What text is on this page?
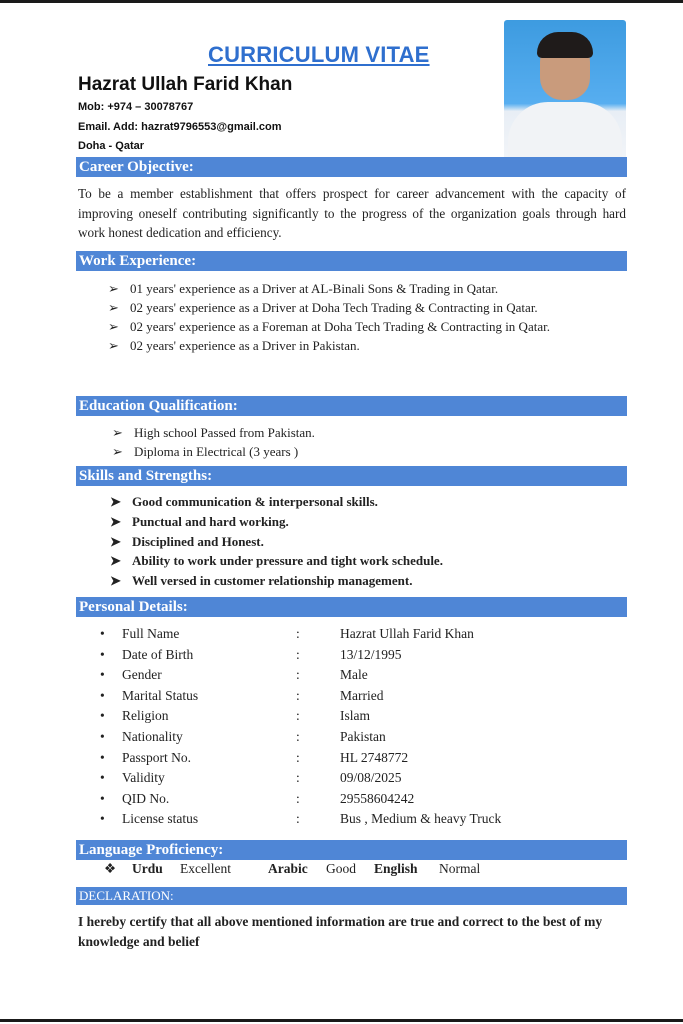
CURRICULUM VITAE
Hazrat Ullah Farid Khan
Mob: +974 – 30078767
Email. Add: hazrat9796553@gmail.com
Doha - Qatar
Career Objective:
To be a member establishment that offers prospect for career advancement with the capacity of improving oneself contributing significantly to the progress of the organization goals through hard work honest dedication and efficiency.
Work Experience:
➢ 01 years' experience as a Driver at AL-Binali Sons & Trading in Qatar.
➢ 02 years' experience as a Driver at Doha Tech Trading & Contracting in Qatar.
➢ 02 years' experience as a Foreman at Doha Tech Trading & Contracting in Qatar.
➢ 02 years' experience as a Driver in Pakistan.
Education Qualification:
➢ High school Passed from Pakistan.
➢ Diploma in Electrical (3 years )
Skills and Strengths:
➤ Good communication & interpersonal skills.
➤ Punctual and hard working.
➤ Disciplined and Honest.
➤ Ability to work under pressure and tight work schedule.
➤ Well versed in customer relationship management.
Personal Details:
•	Full Name	:	Hazrat Ullah Farid Khan
•	Date of Birth	:	13/12/1995
•	Gender	:	Male
•	Marital Status	:	Married
•	Religion	:	Islam
•	Nationality	:	Pakistan
•	Passport No.	:	HL 2748772
•	Validity	:	09/08/2025
•	QID No.	:	29558604242
•	License status	:	Bus , Medium & heavy Truck
Language Proficiency:
❖	Urdu	Excellent	Arabic	Good	English	Normal
DECLARATION:
I hereby certify that all above mentioned information are true and correct to the best of my knowledge and belief
